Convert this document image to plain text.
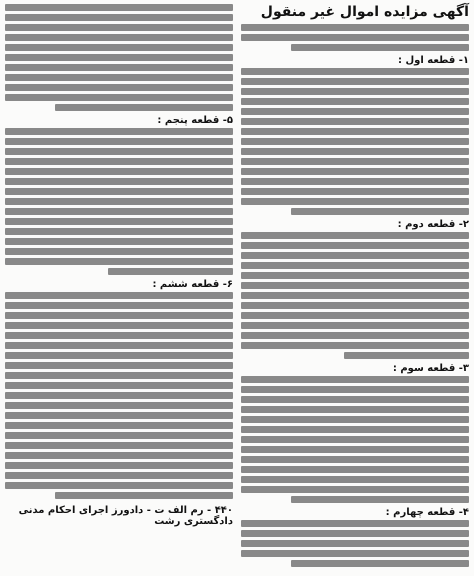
آگهی مزایده اموال غیر منقول
۱- قطعه اول :
۲- قطعه دوم :
۳- قطعه سوم :
۴- قطعه چهارم :
۵- قطعه پنجم :
۶- قطعه ششم :
۴۴۰ - رم الف ت - دادورز اجرای احکام مدنی دادگستری رشت
